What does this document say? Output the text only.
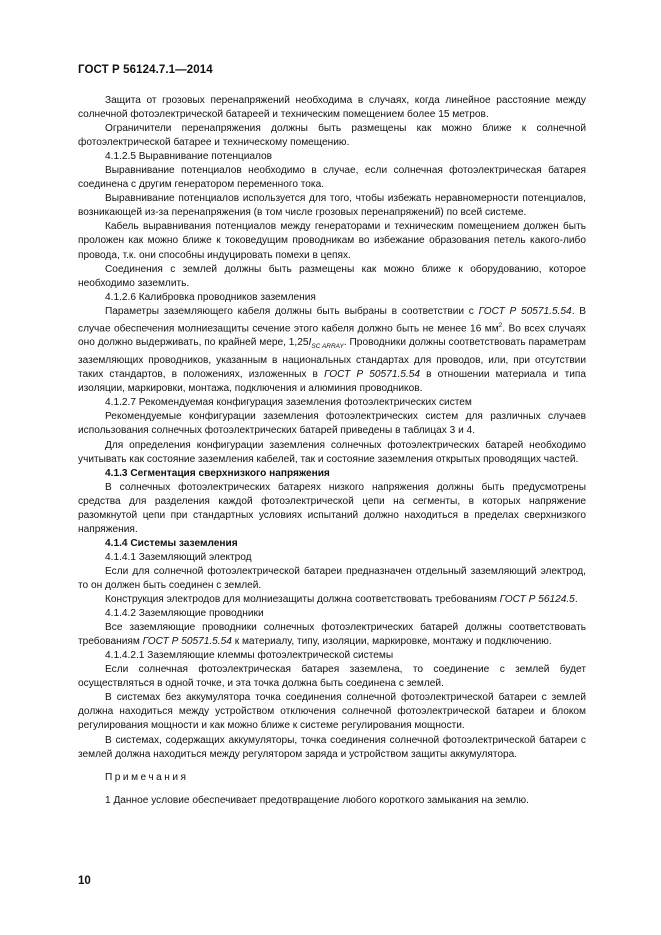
ГОСТ Р 56124.7.1—2014

Защита от грозовых перенапряжений необходима в случаях, когда линейное расстояние между солнечной фотоэлектрической батареей и техническим помещением более 15 метров.

Ограничители перенапряжения должны быть размещены как можно ближе к солнечной фотоэлектрической батарее и техническому помещению.

4.1.2.5 Выравнивание потенциалов

Выравнивание потенциалов необходимо в случае, если солнечная фотоэлектрическая батарея соединена с другим генератором переменного тока.

Выравнивание потенциалов используется для того, чтобы избежать неравномерности потенциалов, возникающей из-за перенапряжения (в том числе грозовых перенапряжений) по всей системе.

Кабель выравнивания потенциалов между генераторами и техническим помещением должен быть проложен как можно ближе к токоведущим проводникам во избежание образования петель какого-либо провода, т.к. они способны индуцировать помехи в цепях.

Соединения с землей должны быть размещены как можно ближе к оборудованию, которое необходимо заземлить.

4.1.2.6 Калибровка проводников заземления

Параметры заземляющего кабеля должны быть выбраны в соответствии с ГОСТ Р 50571.5.54. В случае обеспечения молниезащиты сечение этого кабеля должно быть не менее 16 $мм^2$. Во всех случаях оно должно выдерживать, по крайней мере, $1,25I_{SC ARRAY}$. Проводники должны соответствовать параметрам заземляющих проводников, указанным в национальных стандартах для проводов, или, при отсутствии таких стандартов, в положениях, изложенных в ГОСТ Р 50571.5.54 в отношении материала и типа изоляции, маркировки, монтажа, подключения и алюминия проводников.

4.1.2.7 Рекомендуемая конфигурация заземления фотоэлектрических систем

Рекомендуемые конфигурации заземления фотоэлектрических систем для различных случаев использования солнечных фотоэлектрических батарей приведены в таблицах 3 и 4.

Для определения конфигурации заземления солнечных фотоэлектрических батарей необходимо учитывать как состояние заземления кабелей, так и состояние заземления открытых проводящих частей.

4.1.3 Сегментация сверхнизкого напряжения

В солнечных фотоэлектрических батареях низкого напряжения должны быть предусмотрены средства для разделения каждой фотоэлектрической цепи на сегменты, в которых напряжение разомкнутой цепи при стандартных условиях испытаний должно находиться в пределах сверхнизкого напряжения.

4.1.4 Системы заземления

4.1.4.1 Заземляющий электрод

Если для солнечной фотоэлектрической батареи предназначен отдельный заземляющий электрод, то он должен быть соединен с землей.

Конструкция электродов для молниезащиты должна соответствовать требованиям ГОСТ Р 56124.5.

4.1.4.2 Заземляющие проводники

Все заземляющие проводники солнечных фотоэлектрических батарей должны соответствовать требованиям ГОСТ Р 50571.5.54 к материалу, типу, изоляции, маркировке, монтажу и подключению.

4.1.4.2.1 Заземляющие клеммы фотоэлектрической системы

Если солнечная фотоэлектрическая батарея заземлена, то соединение с землей будет осуществляться в одной точке, и эта точка должна быть соединена с землей.

В системах без аккумулятора точка соединения солнечной фотоэлектрической батареи с землей должна находиться между устройством отключения солнечной фотоэлектрической батареи и блоком регулирования мощности и как можно ближе к системе регулирования мощности.

В системах, содержащих аккумуляторы, точка соединения солнечной фотоэлектрической батареи с землей должна находиться между регулятором заряда и устройством защиты аккумулятора.

Примечания

1 Данное условие обеспечивает предотвращение любого короткого замыкания на землю.

10
